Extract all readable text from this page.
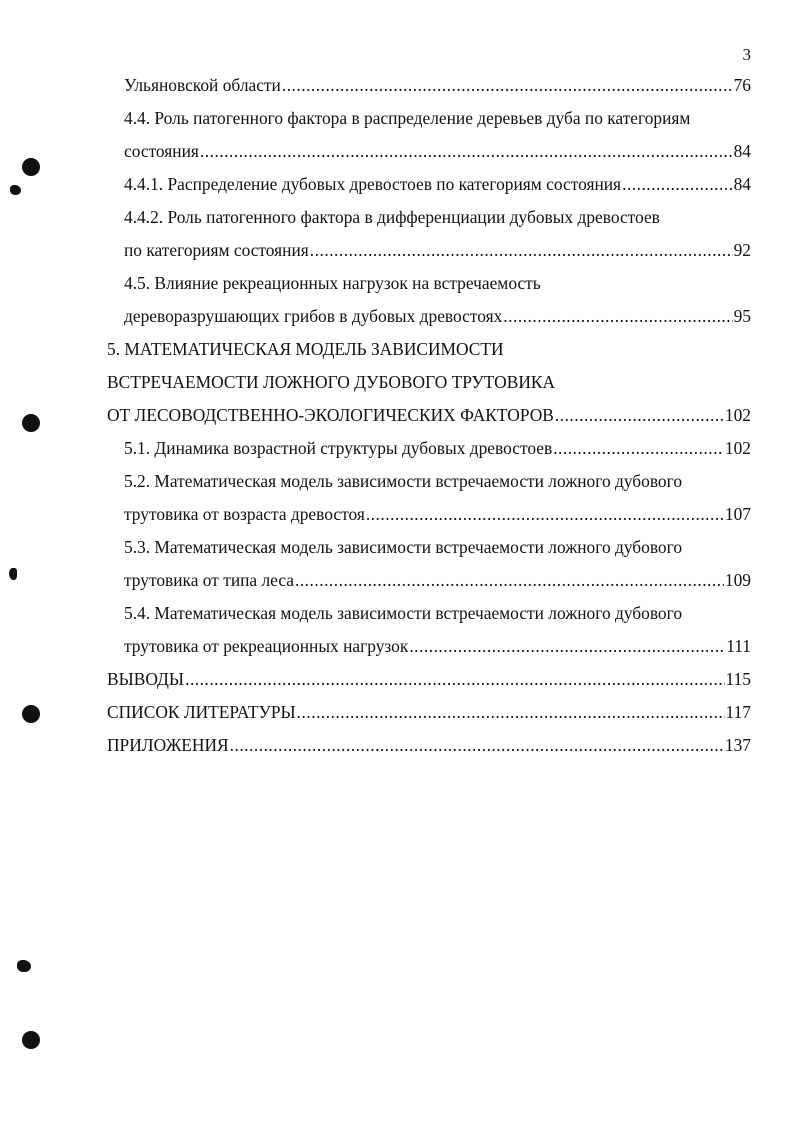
3
Ульяновской области .....	76
4.4. Роль патогенного фактора в распределение деревьев дуба по категориям
состояния .....	84
4.4.1. Распределение дубовых древостоев по категориям состояния .....	84
4.4.2. Роль патогенного фактора в дифференциации дубовых древостоев
по категориям состояния .....	92
4.5. Влияние рекреационных нагрузок на встречаемость
дереворазрушающих грибов в дубовых древостоях .....	95
5. МАТЕМАТИЧЕСКАЯ МОДЕЛЬ ЗАВИСИМОСТИ
ВСТРЕЧАЕМОСТИ ЛОЖНОГО ДУБОВОГО ТРУТОВИКА
ОТ ЛЕСОВОДСТВЕННО-ЭКОЛОГИЧЕСКИХ ФАКТОРОВ .....	102
5.1. Динамика возрастной структуры дубовых древостоев .....	102
5.2. Математическая модель зависимости встречаемости ложного дубового
трутовика от возраста древостоя .....	107
5.3. Математическая модель зависимости встречаемости ложного дубового
трутовика от типа леса .....	109
5.4. Математическая модель зависимости встречаемости ложного дубового
трутовика от рекреационных нагрузок .....	111
ВЫВОДЫ .....	115
СПИСОК ЛИТЕРАТУРЫ .....	117
ПРИЛОЖЕНИЯ .....	137
